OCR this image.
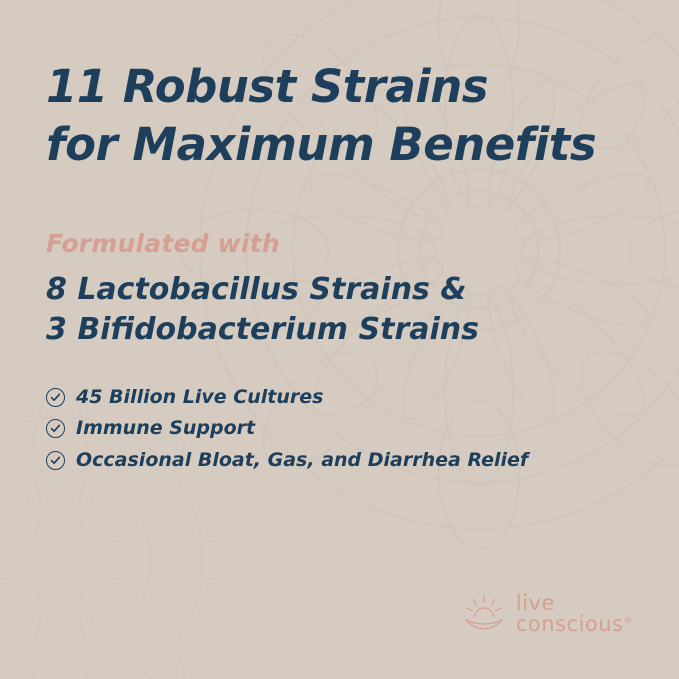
11 Robust Strains
for Maximum Benefits
Formulated with
8 Lactobacillus Strains &
3 Bifidobacterium Strains
45 Billion Live Cultures
Immune Support
Occasional Bloat, Gas, and Diarrhea Relief
live
conscious®
